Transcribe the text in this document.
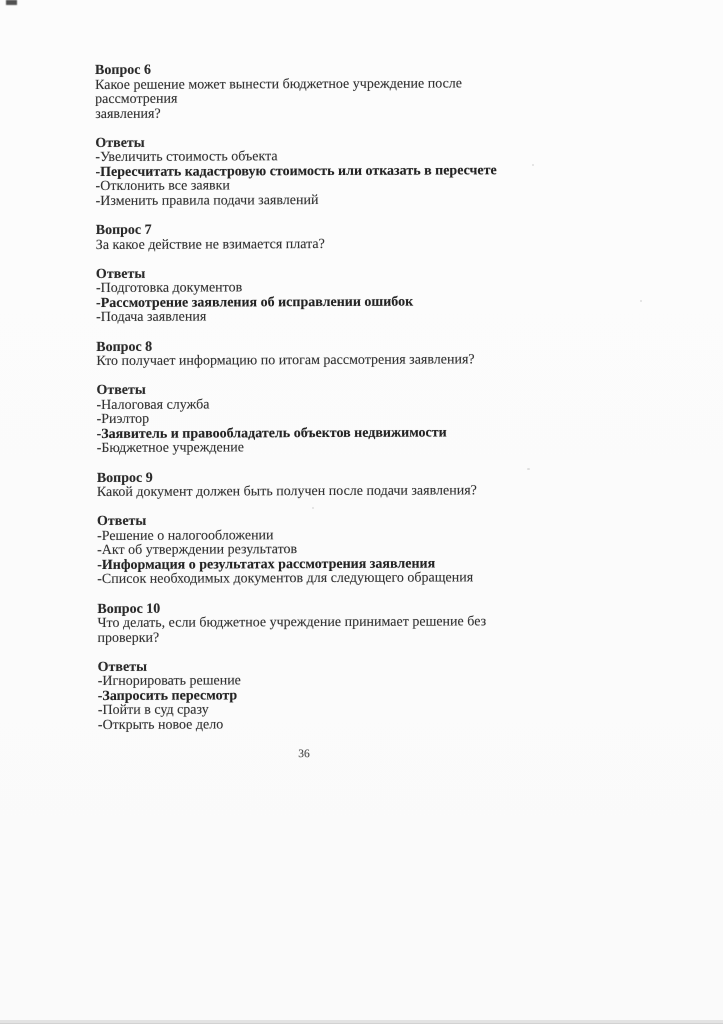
Вопрос 6
Какое решение может вынести бюджетное учреждение после рассмотрения
заявления?
Ответы
-Увеличить стоимость объекта
-Пересчитать кадастровую стоимость или отказать в пересчете
-Отклонить все заявки
-Изменить правила подачи заявлений
Вопрос 7
За какое действие не взимается плата?
Ответы
-Подготовка документов
-Рассмотрение заявления об исправлении ошибок
-Подача заявления
Вопрос 8
Кто получает информацию по итогам рассмотрения заявления?
Ответы
-Налоговая служба
-Риэлтор
-Заявитель и правообладатель объектов недвижимости
-Бюджетное учреждение
Вопрос 9
Какой документ должен быть получен после подачи заявления?
Ответы
-Решение о налогообложении
-Акт об утверждении результатов
-Информация о результатах рассмотрения заявления
-Список необходимых документов для следующего обращения
Вопрос 10
Что делать, если бюджетное учреждение принимает решение без проверки?
Ответы
-Игнорировать решение
-Запросить пересмотр
-Пойти в суд сразу
-Открыть новое дело
36
